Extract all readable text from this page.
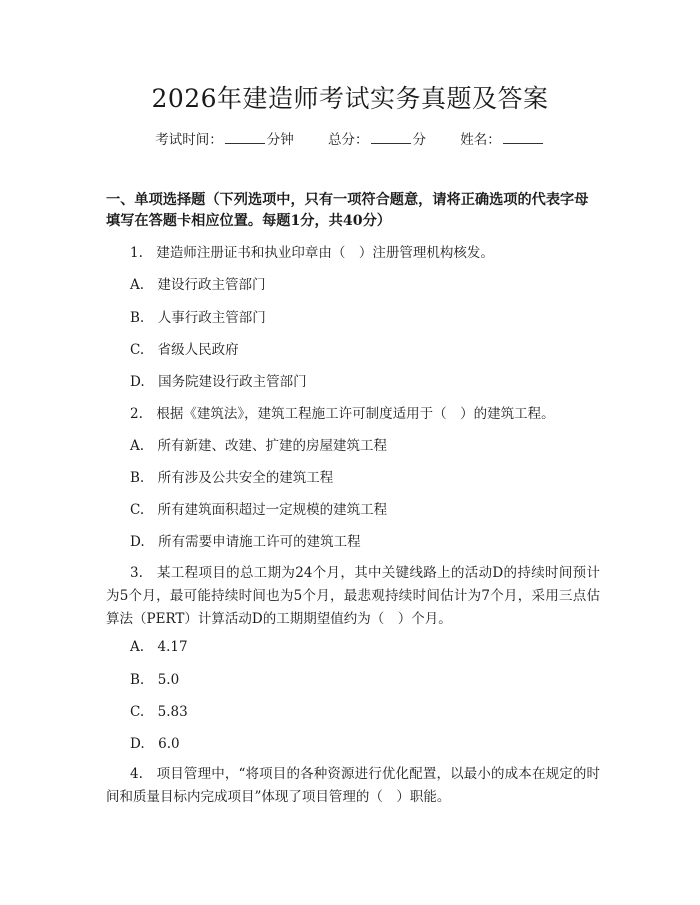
2026年建造师考试实务真题及答案
考试时间：	分钟	总分：	分	姓名：

一、单项选择题（下列选项中，只有一项符合题意，请将正确选项的代表字母填写在答题卡相应位置。每题1分，共40分）

1.　建造师注册证书和执业印章由（　）注册管理机构核发。
A.　建设行政主管部门
B.　人事行政主管部门
C.　省级人民政府
D.　国务院建设行政主管部门
2.　根据《建筑法》，建筑工程施工许可制度适用于（　）的建筑工程。
A.　所有新建、改建、扩建的房屋建筑工程
B.　所有涉及公共安全的建筑工程
C.　所有建筑面积超过一定规模的建筑工程
D.　所有需要申请施工许可的建筑工程

3.　某工程项目的总工期为24个月，其中关键线路上的活动D的持续时间预计为5个月，最可能持续时间也为5个月，最悲观持续时间估计为7个月，采用三点估算法（PERT）计算活动D的工期期望值约为（　）个月。

A.　4.17
B.　5.0
C.　5.83
D.　6.0

4.　项目管理中，“将项目的各种资源进行优化配置，以最小的成本在规定的时间和质量目标内完成项目”体现了项目管理的（　）职能。
